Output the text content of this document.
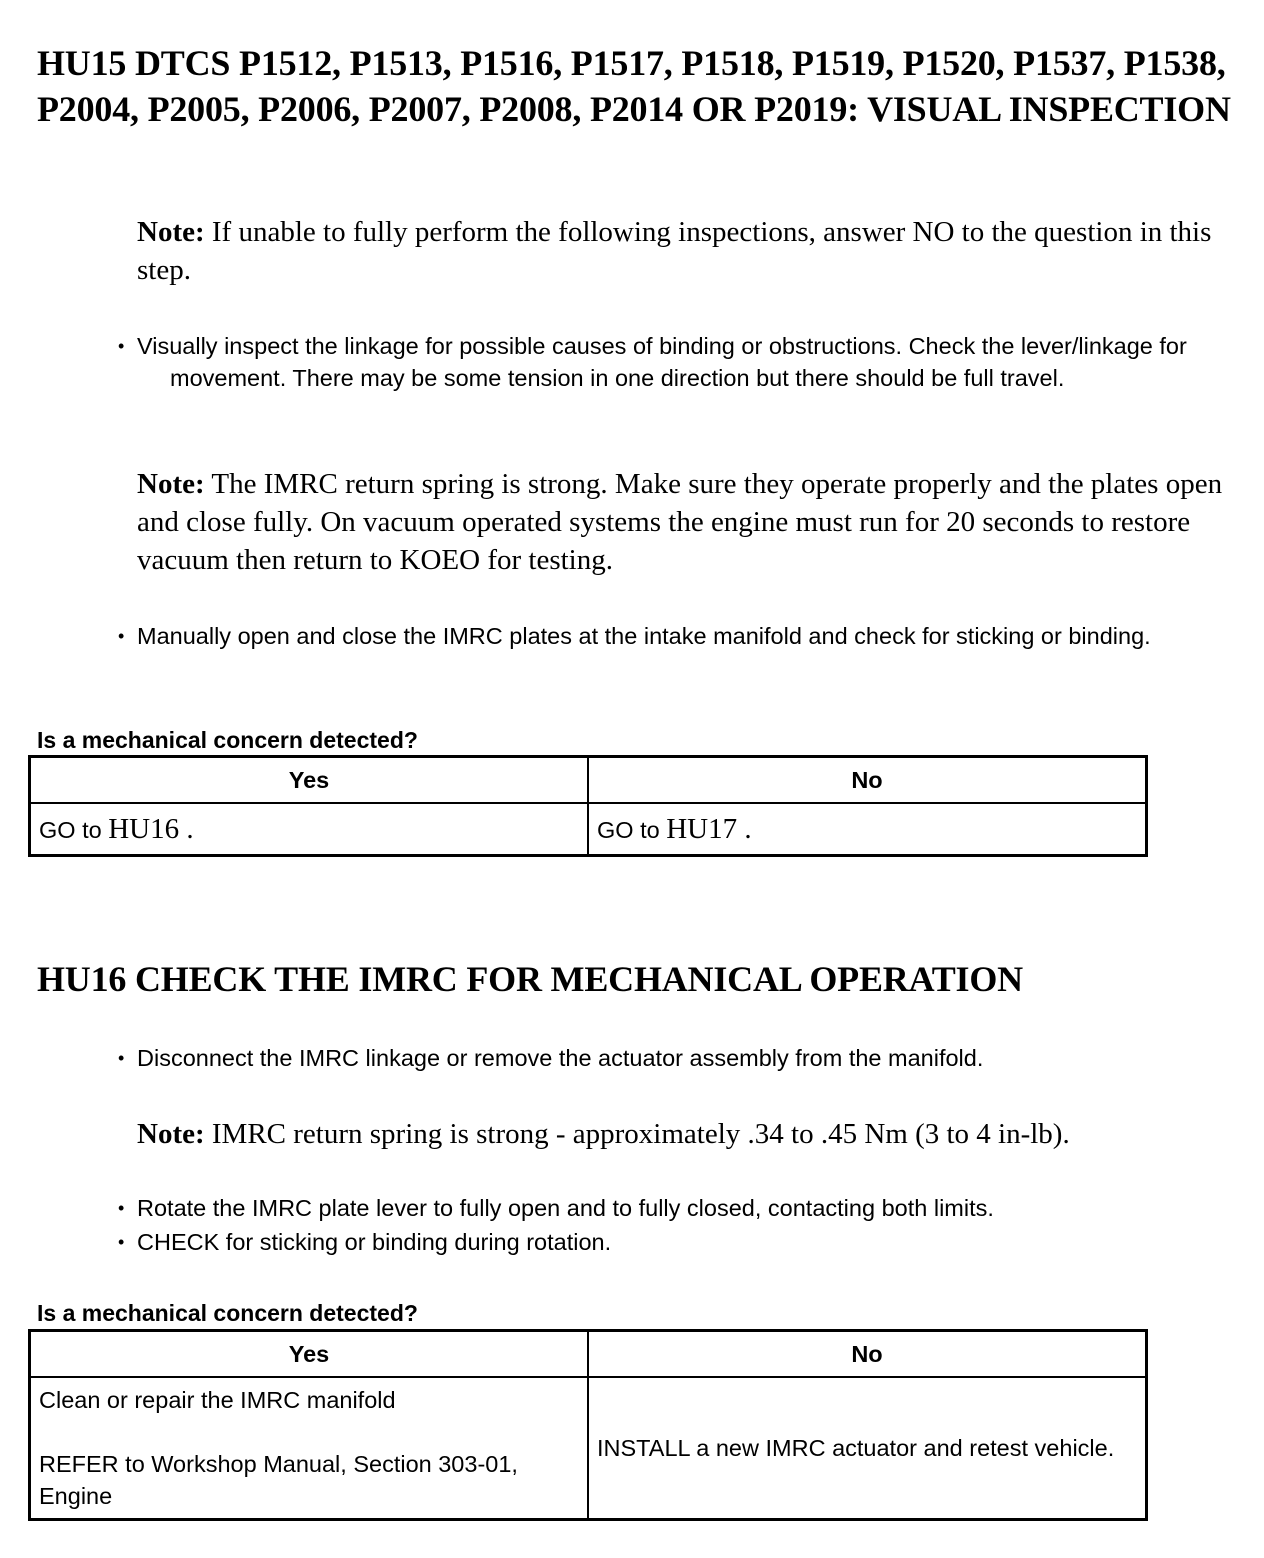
HU15 DTCS P1512, P1513, P1516, P1517, P1518, P1519, P1520, P1537, P1538, P2004, P2005, P2006, P2007, P2008, P2014 OR P2019: VISUAL INSPECTION

Note: If unable to fully perform the following inspections, answer NO to the question in this step.

• Visually inspect the linkage for possible causes of binding or obstructions. Check the lever/linkage for movement. There may be some tension in one direction but there should be full travel.

Note: The IMRC return spring is strong. Make sure they operate properly and the plates open and close fully. On vacuum operated systems the engine must run for 20 seconds to restore vacuum then return to KOEO for testing.

• Manually open and close the IMRC plates at the intake manifold and check for sticking or binding.

Is a mechanical concern detected?

Yes	No
GO to HU16 .	GO to HU17 .
HU16 CHECK THE IMRC FOR MECHANICAL OPERATION

• Disconnect the IMRC linkage or remove the actuator assembly from the manifold.

Note: IMRC return spring is strong - approximately .34 to .45 Nm (3 to 4 in-lb).

• Rotate the IMRC plate lever to fully open and to fully closed, contacting both limits.

• CHECK for sticking or binding during rotation.

Is a mechanical concern detected?

Yes	No

Clean or repair the IMRC manifold

REFER to Workshop Manual, Section 303-01, Engine	INSTALL a new IMRC actuator and retest vehicle.
